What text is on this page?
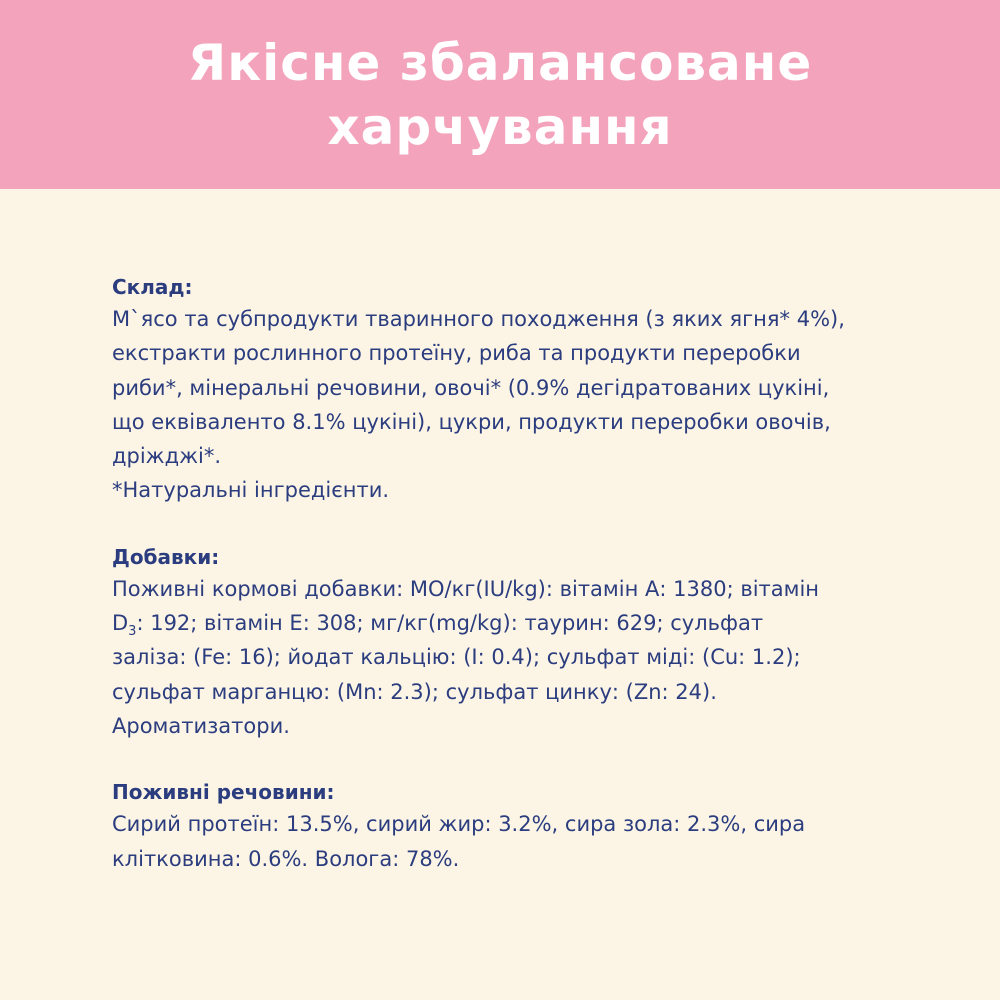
Якісне збалансоване
харчування
Склад:
М`ясо та субпродукти тваринного походження (з яких ягня* 4%),
екстракти рослинного протеїну, риба та продукти переробки
риби*, мінеральні речовини, овочі* (0.9% дегідратованих цукіні,
що еквіваленто 8.1% цукіні), цукри, продукти переробки овочів,
дріжджі*.
*Натуральні інгредієнти.
Добавки:
Поживні кормові добавки: МО/кг(IU/kg): вітамін А: 1380; вітамін
$D_3$: 192; вітамін Е: 308; мг/кг(mg/kg): таурин: 629; сульфат
заліза: (Fe: 16); йодат кальцію: (I: 0.4); сульфат міді: (Cu: 1.2);
сульфат марганцю: (Mn: 2.3); сульфат цинку: (Zn: 24).
Ароматизатори.
Поживні речовини:
Сирий протеїн: 13.5%, сирий жир: 3.2%, сира зола: 2.3%, сира
клітковина: 0.6%. Волога: 78%.
